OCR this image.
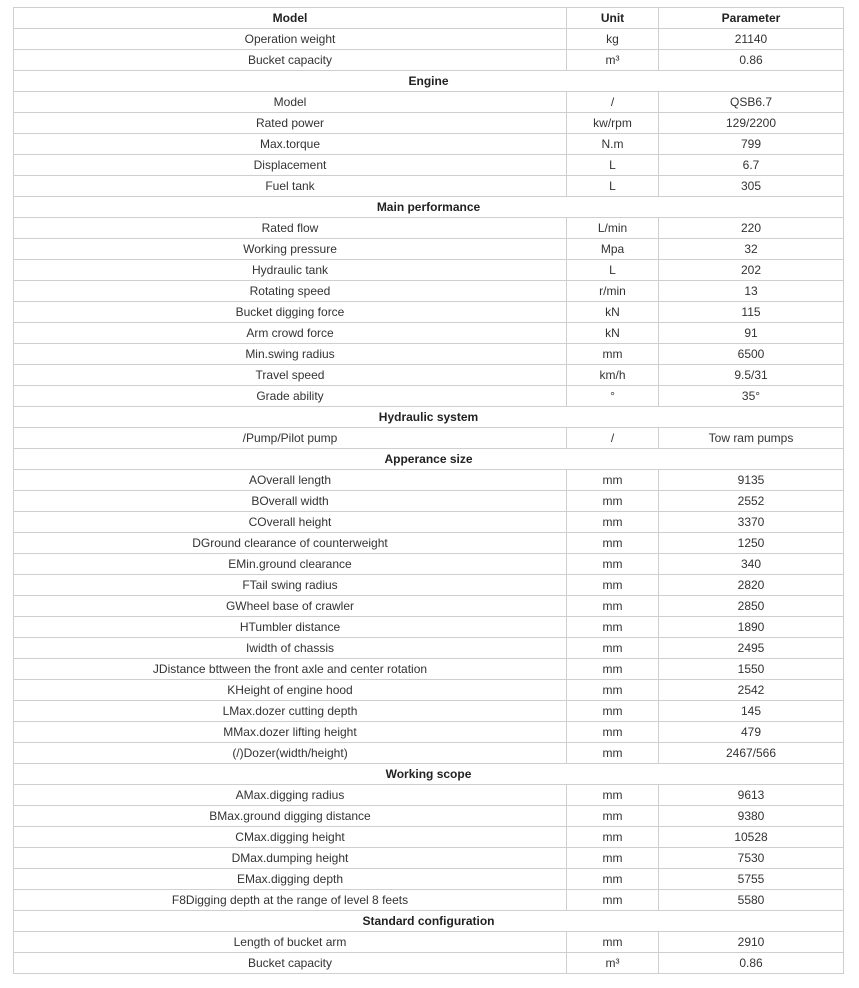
Model	Unit	Parameter
Operation weight	kg	21140
Bucket capacity	m³	0.86
Engine		
Model	/	QSB6.7
Rated power	kw/rpm	129/2200
Max.torque	N.m	799
Displacement	L	6.7
Fuel tank	L	305
Main performance		
Rated flow	L/min	220
Working pressure	Mpa	32
Hydraulic tank	L	202
Rotating speed	r/min	13
Bucket digging force	kN	115
Arm crowd force	kN	91
Min.swing radius	mm	6500
Travel speed	km/h	9.5/31
Grade ability	°	35°
Hydraulic system		
/Pump/Pilot pump	/	Tow ram pumps
Apperance size		
AOverall length	mm	9135
BOverall width	mm	2552
COverall height	mm	3370
DGround clearance of counterweight	mm	1250
EMin.ground clearance	mm	340
FTail swing radius	mm	2820
GWheel base of crawler	mm	2850
HTumbler distance	mm	1890
Iwidth of chassis	mm	2495
JDistance bttween the front axle and center rotation	mm	1550
KHeight of engine hood	mm	2542
LMax.dozer cutting depth	mm	145
MMax.dozer lifting height	mm	479
(/)Dozer(width/height)	mm	2467/566
Working scope		
AMax.digging radius	mm	9613
BMax.ground digging distance	mm	9380
CMax.digging height	mm	10528
DMax.dumping height	mm	7530
EMax.digging depth	mm	5755
F8Digging depth at the range of level 8 feets	mm	5580
Standard configuration		
Length of bucket arm	mm	2910
Bucket capacity	m³	0.86
